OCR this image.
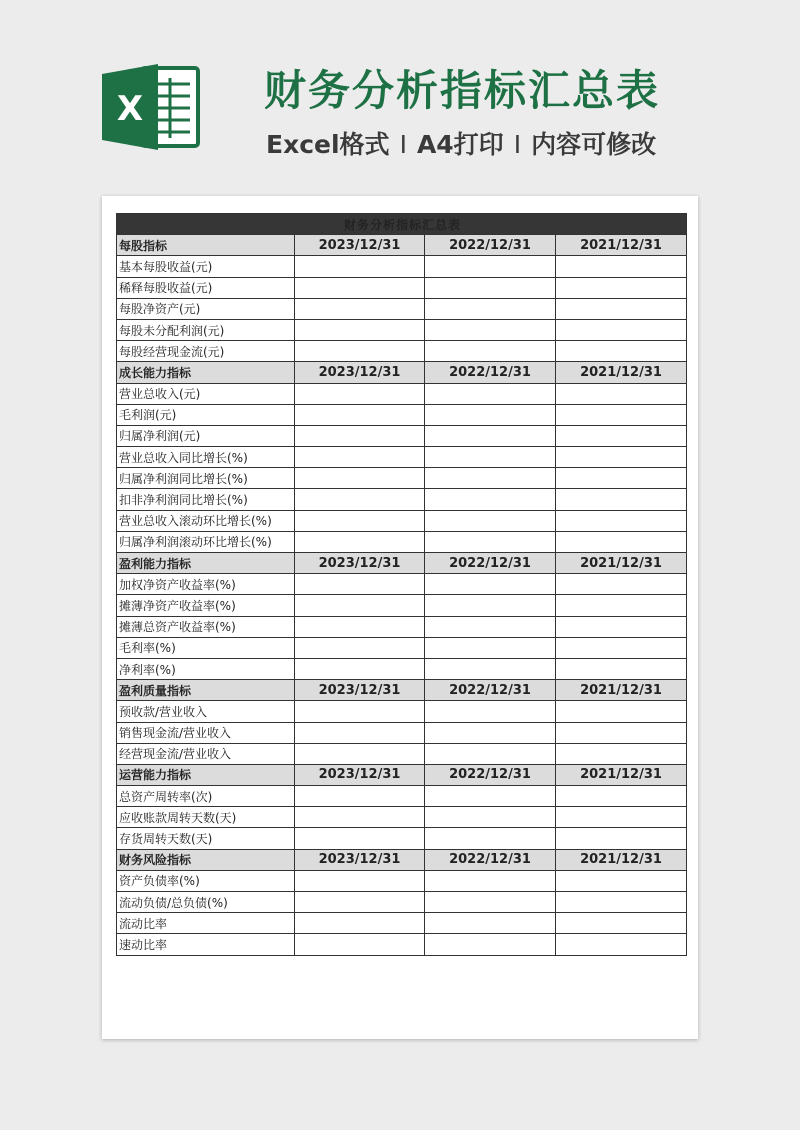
X	财务分析指标汇总表
Excel格式 I A4打印 I 内容可修改
财务分析指标汇总表			
每股指标	2023/12/31	2022/12/31	2021/12/31
基本每股收益(元)			
稀释每股收益(元)			
每股净资产(元)			
每股未分配利润(元)			
每股经营现金流(元)			
成长能力指标	2023/12/31	2022/12/31	2021/12/31
营业总收入(元)			
毛利润(元)			
归属净利润(元)			
营业总收入同比增长(%)			
归属净利润同比增长(%)			
扣非净利润同比增长(%)			
营业总收入滚动环比增长(%)			
归属净利润滚动环比增长(%)			
盈利能力指标	2023/12/31	2022/12/31	2021/12/31
加权净资产收益率(%)			
摊薄净资产收益率(%)			
摊薄总资产收益率(%)			
毛利率(%)			
净利率(%)			
盈利质量指标	2023/12/31	2022/12/31	2021/12/31
预收款/营业收入			
销售现金流/营业收入			
经营现金流/营业收入			
运营能力指标	2023/12/31	2022/12/31	2021/12/31
总资产周转率(次)			
应收账款周转天数(天)			
存货周转天数(天)			
财务风险指标	2023/12/31	2022/12/31	2021/12/31
资产负债率(%)			
流动负债/总负债(%)			
流动比率			
速动比率			
